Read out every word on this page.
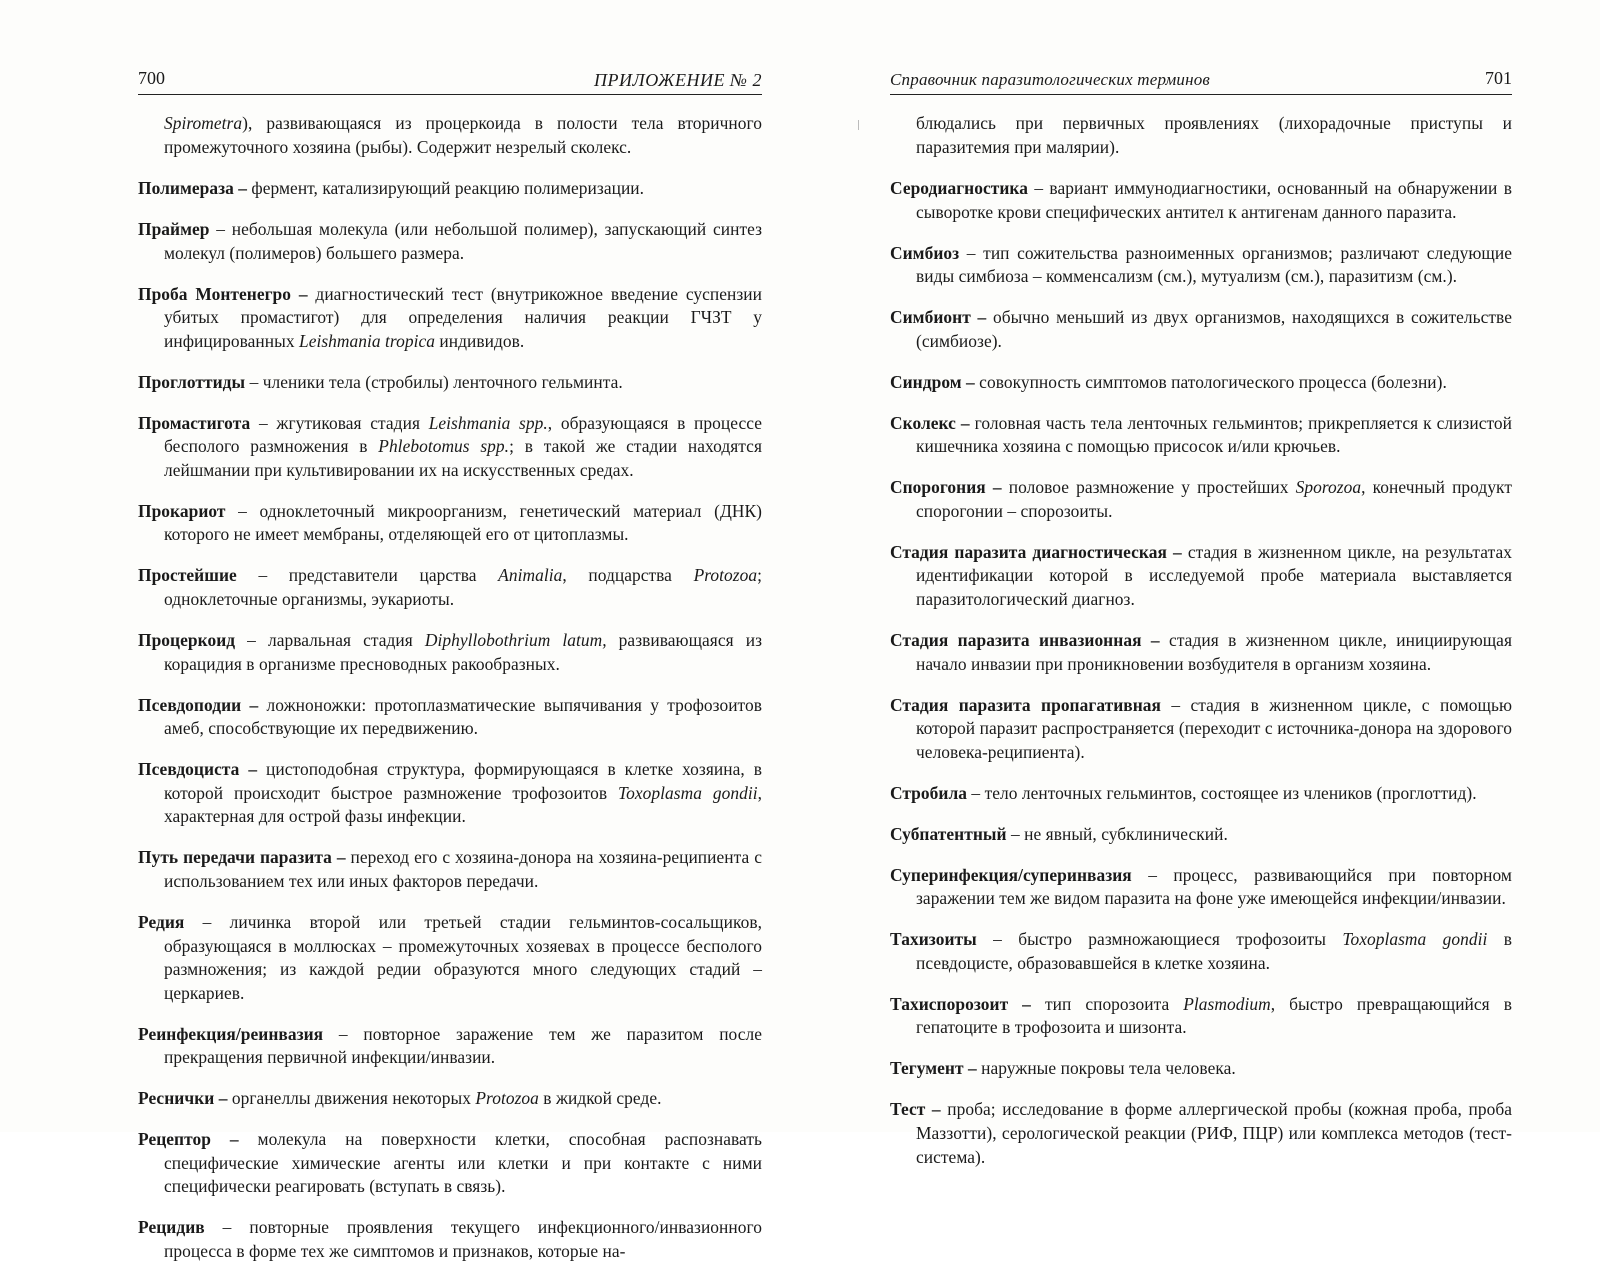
700	ПРИЛОЖЕНИЕ № 2

Spirometra), развивающаяся из процеркоида в полости тела вторичного промежуточного хозяина (рыбы). Содержит незрелый сколекс.

Полимераза – фермент, катализирующий реакцию полимеризации.

Праймер – небольшая молекула (или небольшой полимер), запускающий синтез молекул (полимеров) большего размера.

Проба Монтенегро – диагностический тест (внутрикожное введение суспензии убитых промастигот) для определения наличия реакции ГЧЗТ у инфицированных Leishmania tropica индивидов.

Проглоттиды – членики тела (стробилы) ленточного гельминта.

Промастигота – жгутиковая стадия Leishmania spp., образующаяся в процессе бесполого размножения в Phlebotomus spp.; в такой же стадии находятся лейшмании при культивировании их на искусственных средах.

Прокариот – одноклеточный микроорганизм, генетический материал (ДНК) которого не имеет мембраны, отделяющей его от цитоплазмы.

Простейшие – представители царства Animalia, подцарства Protozoa; одноклеточные организмы, эукариоты.

Процеркоид – ларвальная стадия Diphyllobothrium latum, развивающаяся из корацидия в организме пресноводных ракообразных.

Псевдоподии – ложноножки: протоплазматические выпячивания у трофозоитов амеб, способствующие их передвижению.

Псевдоциста – цистоподобная структура, формирующаяся в клетке хозяина, в которой происходит быстрое размножение трофозоитов Toxoplasma gondii, характерная для острой фазы инфекции.

Путь передачи паразита – переход его с хозяина-донора на хозяина-реципиента с использованием тех или иных факторов передачи.

Редия – личинка второй или третьей стадии гельминтов-сосальщиков, образующаяся в моллюсках – промежуточных хозяевах в процессе бесполого размножения; из каждой редии образуются много следующих стадий – церкариев.

Реинфекция/реинвазия – повторное заражение тем же паразитом после прекращения первичной инфекции/инвазии.

Реснички – органеллы движения некоторых Protozoa в жидкой среде.

Рецептор – молекула на поверхности клетки, способная распознавать специфические химические агенты или клетки и при контакте с ними специфически реагировать (вступать в связь).

Рецидив – повторные проявления текущего инфекционного/инвазионного процесса в форме тех же симптомов и признаков, которые на-

Справочник паразитологических терминов	701

блюдались при первичных проявлениях (лихорадочные приступы и паразитемия при малярии).

Серодиагностика – вариант иммунодиагностики, основанный на обнаружении в сыворотке крови специфических антител к антигенам данного паразита.

Симбиоз – тип сожительства разноименных организмов; различают следующие виды симбиоза – комменсализм (см.), мутуализм (см.), паразитизм (см.).

Симбионт – обычно меньший из двух организмов, находящихся в сожительстве (симбиозе).

Синдром – совокупность симптомов патологического процесса (болезни).

Сколекс – головная часть тела ленточных гельминтов; прикрепляется к слизистой кишечника хозяина с помощью присосок и/или крючьев.

Спорогония – половое размножение у простейших Sporozoa, конечный продукт спорогонии – спорозоиты.

Стадия паразита диагностическая – стадия в жизненном цикле, на результатах идентификации которой в исследуемой пробе материала выставляется паразитологический диагноз.

Стадия паразита инвазионная – стадия в жизненном цикле, инициирующая начало инвазии при проникновении возбудителя в организм хозяина.

Стадия паразита пропагативная – стадия в жизненном цикле, с помощью которой паразит распространяется (переходит с источника-донора на здорового человека-реципиента).

Стробила – тело ленточных гельминтов, состоящее из члеников (проглоттид).

Субпатентный – не явный, субклинический.

Суперинфекция/суперинвазия – процесс, развивающийся при повторном заражении тем же видом паразита на фоне уже имеющейся инфекции/инвазии.

Тахизоиты – быстро размножающиеся трофозоиты Toxoplasma gondii в псевдоцисте, образовавшейся в клетке хозяина.

Тахиспорозоит – тип спорозоита Plasmodium, быстро превращающийся в гепатоците в трофозоита и шизонта.

Тегумент – наружные покровы тела человека.

Тест – проба; исследование в форме аллергической пробы (кожная проба, проба Маззотти), серологической реакции (РИФ, ПЦР) или комплекса методов (тест-система).
